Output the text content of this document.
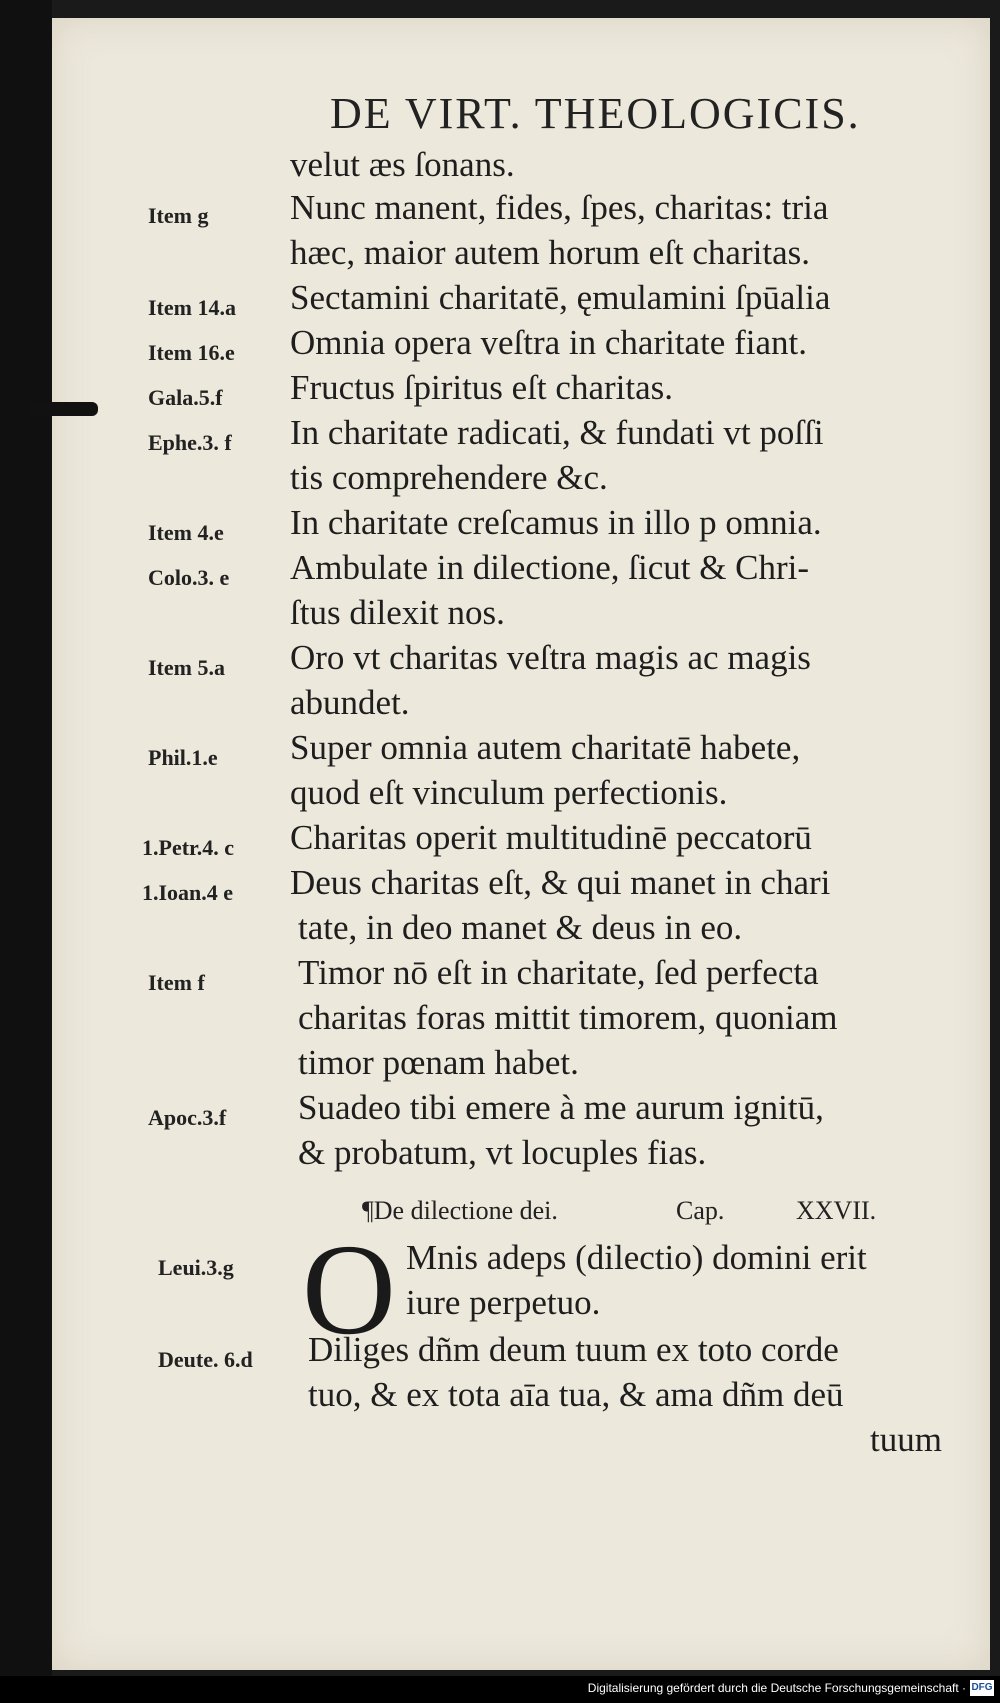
DE VIRT. THEOLOGICIS.
velut æs ſonans.
Item g Nunc manent, fides, ſpes, charitas: tria
hæc, maior autem horum eſt charitas.
Item 14.a Sectamini charitatē, ęmulamini ſpūalia
Item 16.e Omnia opera veſtra in charitate fiant.
Gala.5.f Fructus ſpiritus eſt charitas.
Ephe.3. f In charitate radicati, & fundati vt poſſi
tis comprehendere &c.
Item 4.e In charitate creſcamus in illo p omnia.
Colo.3. e Ambulate in dilectione, ſicut & Chri-
ſtus dilexit nos.
Item 5.a Oro vt charitas veſtra magis ac magis
abundet.
Phil.1.e Super omnia autem charitatē habete,
quod eſt vinculum perfectionis.
1.Petr.4. c Charitas operit multitudinē peccatorū
1.Ioan.4 e Deus charitas eſt, & qui manet in chari
tate, in deo manet & deus in eo.
Item f	Timor nō eſt in charitate, ſed perfecta
charitas foras mittit timorem, quoniam
timor pœnam habet.
Apoc.3.f Suadeo tibi emere à me aurum ignitū,
& probatum, vt locuples fias.
¶De dilectione dei.	Cap.	XXVII.
O
Leui.3.g	Mnis adeps (dilectio) domini erit
iure perpetuo.
Deute. 6.d Diliges dñm deum tuum ex toto corde
tuo, & ex tota aīa tua, & ama dñm deū
tuum
Digitalisierung gefördert durch die Deutsche Forschungsgemeinschaft · DFG
